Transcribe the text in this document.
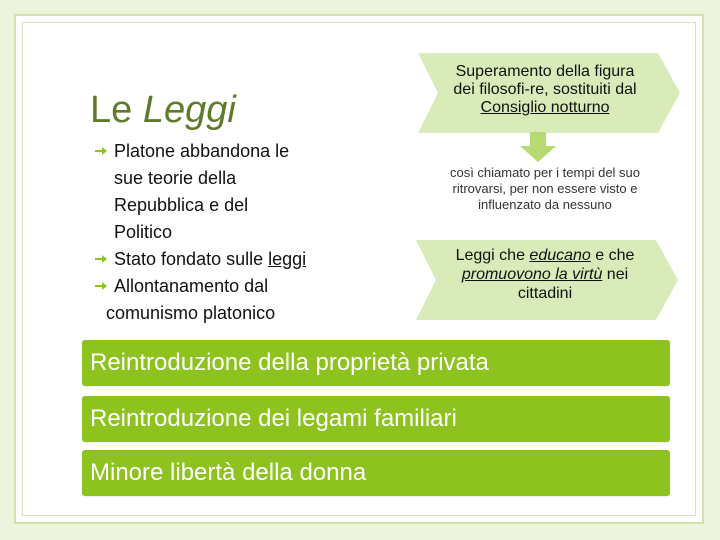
Le Leggi
Platone abbandona le
sue teorie della
Repubblica e del
Politico
Stato fondato sulle leggi
Allontanamento dal
comunismo platonico
Superamento della figura
dei filosofi-re, sostituiti dal
Consiglio notturno
così chiamato per i tempi del suo ritrovarsi, per non essere visto e influenzato da nessuno
Leggi che educano e che
promuovono la virtù nei
cittadini
Reintroduzione della proprietà privata
Reintroduzione dei legami familiari
Minore libertà della donna
